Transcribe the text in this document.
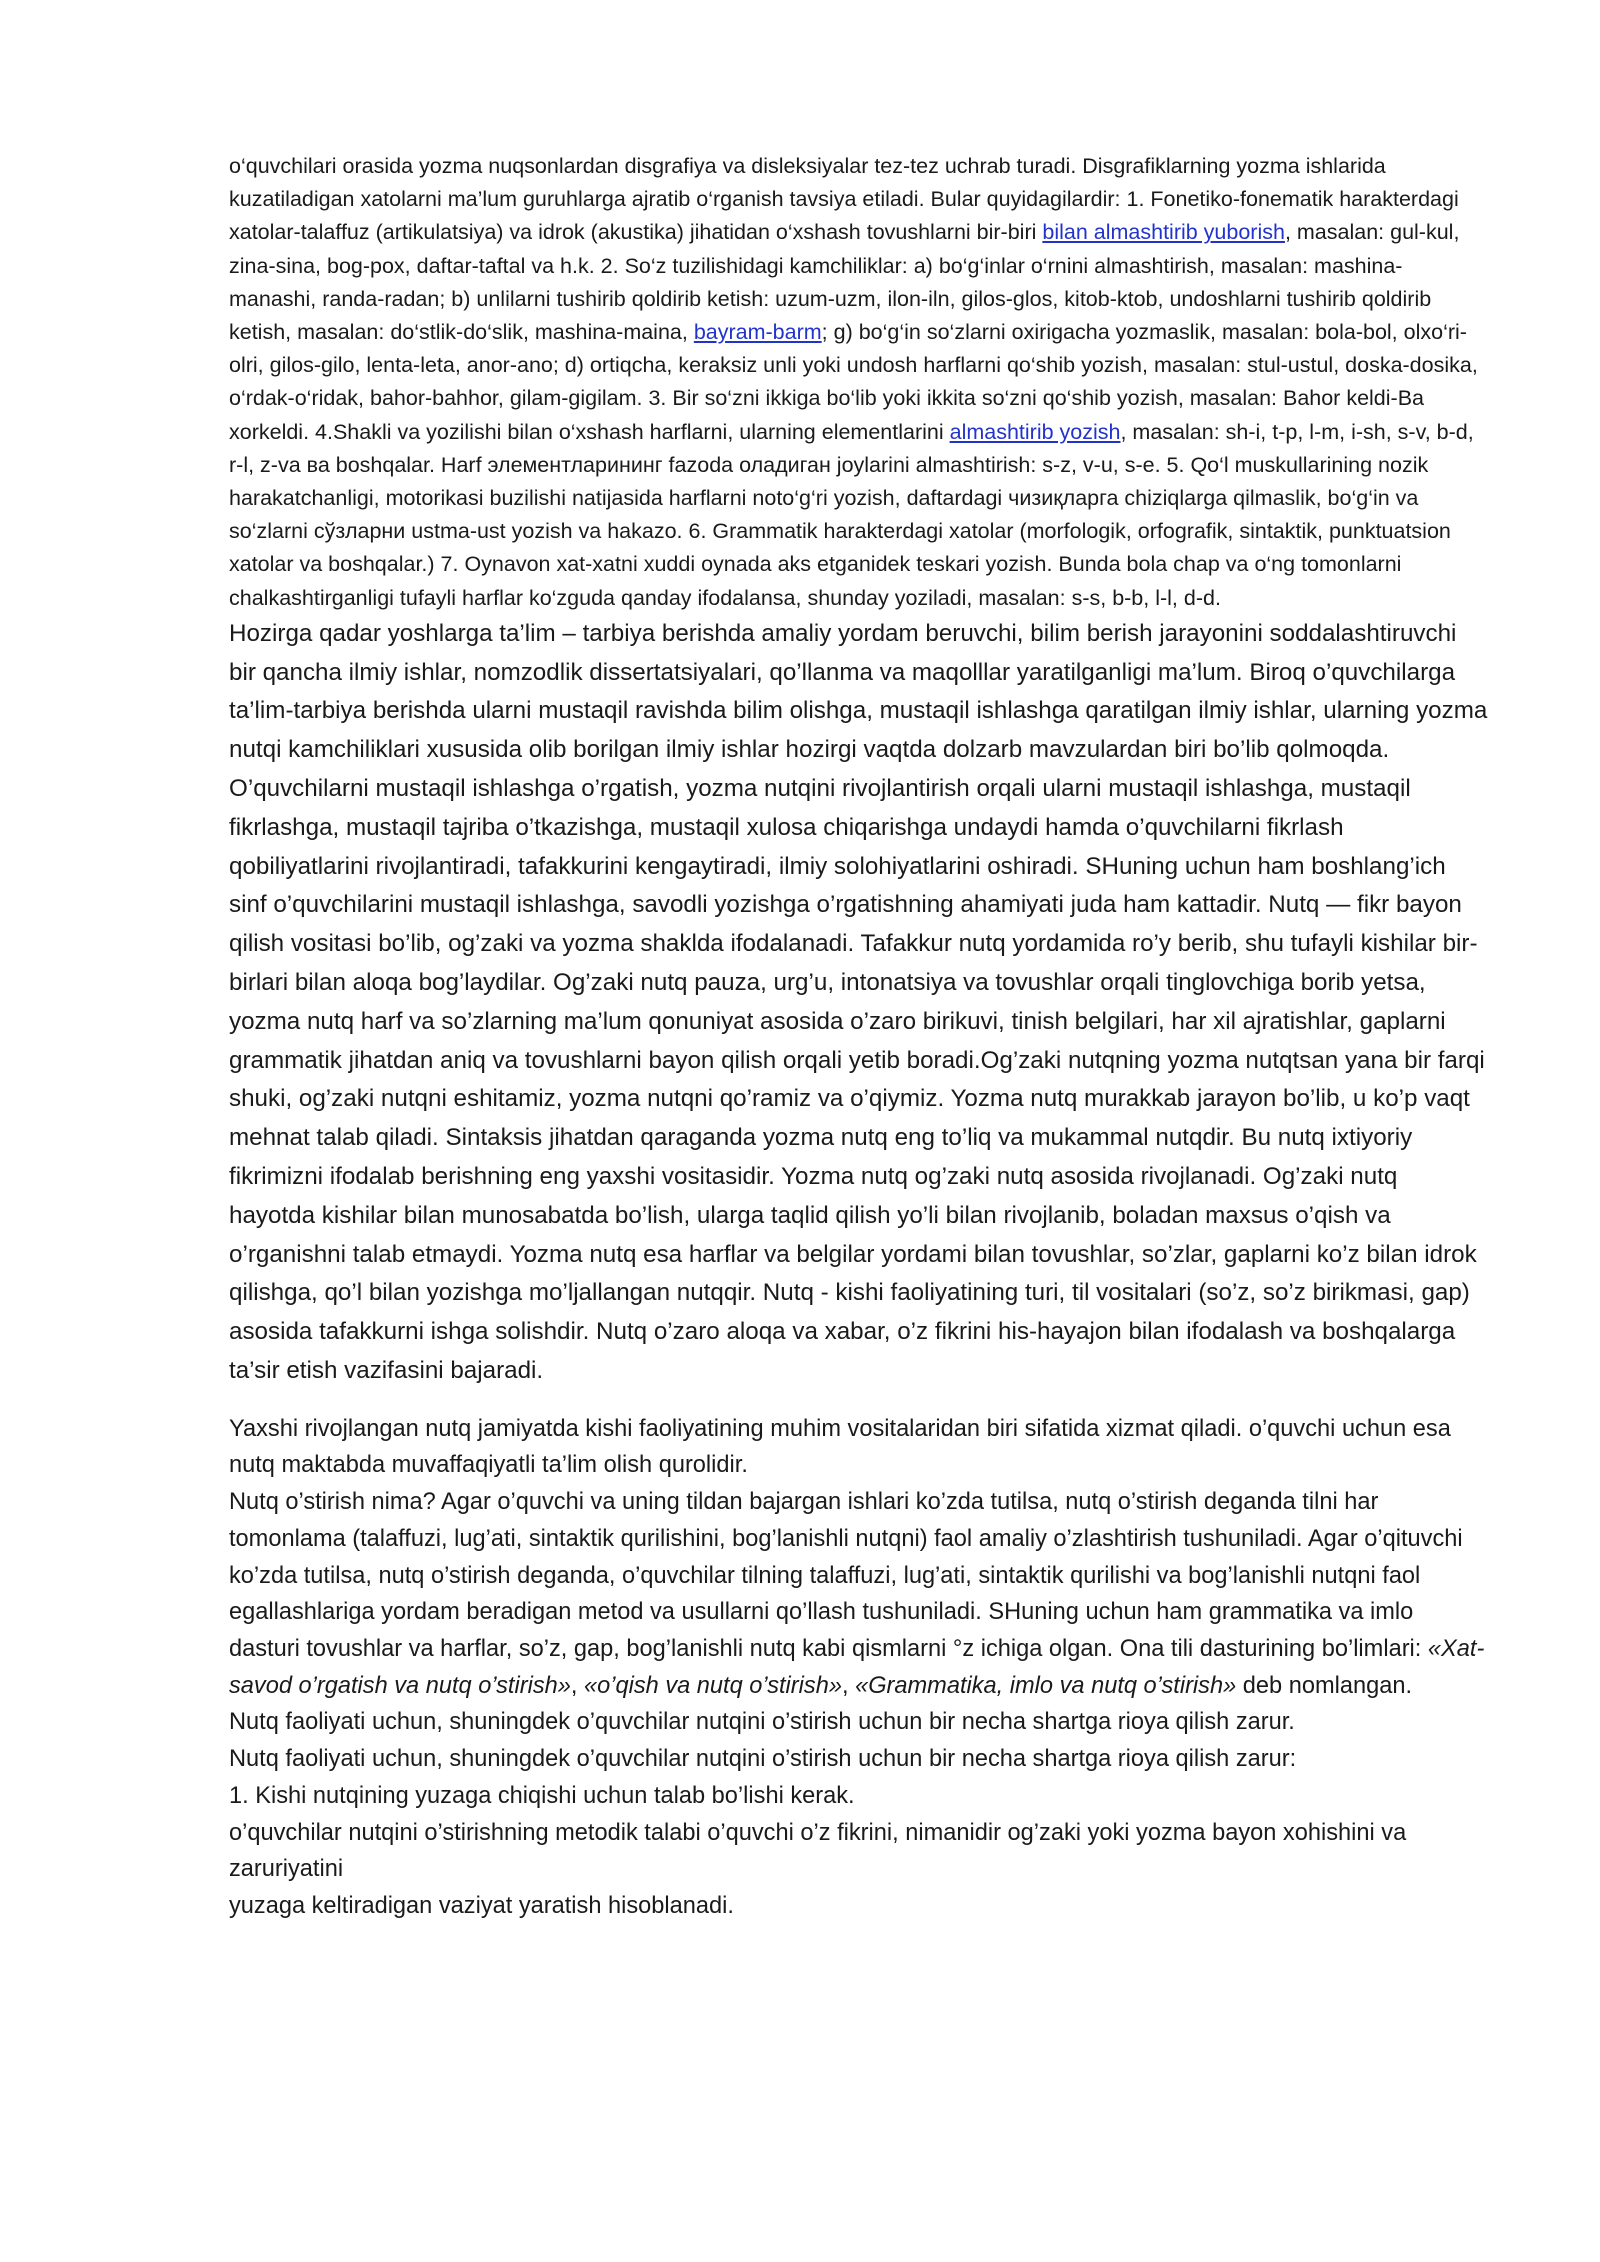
o‘quvchilari orasida yozma nuqsonlardan disgrafiya va disleksiyalar tez-tez uchrab turadi. Disgrafiklarning yozma ishlarida kuzatiladigan xatolarni ma’lum guruhlarga ajratib o‘rganish tavsiya etiladi. Bular quyidagilardir: 1. Fonetiko-fonematik harakterdagi xatolar-talaffuz (artikulatsiya) va idrok (akustika) jihatidan o‘xshash tovushlarni bir-biri bilan almashtirib yuborish, masalan: gul-kul, zina-sina, bog-pox, daftar-taftal va h.k. 2. So‘z tuzilishidagi kamchiliklar: a) bo‘g‘inlar o‘rnini almashtirish, masalan: mashina-manashi, randa-radan; b) unlilarni tushirib qoldirib ketish: uzum-uzm, ilon-iln, gilos-glos, kitob-ktob, undoshlarni tushirib qoldirib ketish, masalan: do‘stlik-do‘slik, mashina-maina, bayram-barm; g) bo‘g‘in so‘zlarni oxirigacha yozmaslik, masalan: bola-bol, olxo‘ri-olri, gilos-gilo, lenta-leta, anor-ano; d) ortiqcha, keraksiz unli yoki undosh harflarni qo‘shib yozish, masalan: stul-ustul, doska-dosika, o‘rdak-o‘ridak, bahor-bahhor, gilam-gigilam. 3. Bir so‘zni ikkiga bo‘lib yoki ikkita so‘zni qo‘shib yozish, masalan: Bahor keldi-Ba xorkeldi. 4.Shakli va yozilishi bilan o‘xshash harflarni, ularning elementlarini almashtirib yozish, masalan: sh-i, t-p, l-m, i-sh, s-v, b-d, r-l, z-va ва boshqalar. Harf элементларининг fazoda оладиган joylarini almashtirish: s-z, v-u, s-e. 5. Qo‘l muskullarining nozik harakatchanligi, motorikasi buzilishi natijasida harflarni noto‘g‘ri yozish, daftardagi чизиқларга chiziqlarga qilmaslik, bo‘g‘in va so‘zlarni сўзларни ustma-ust yozish va hakazo. 6. Grammatik harakterdagi xatolar (morfologik, orfografik, sintaktik, punktuatsion xatolar va boshqalar.) 7. Oynavon xat-xatni xuddi oynada aks etganidek teskari yozish. Bunda bola chap va o‘ng tomonlarni chalkashtirganligi tufayli harflar ko‘zguda qanday ifodalansa, shunday yoziladi, masalan: s-s, b-b, l-l, d-d.

Hozirga qadar yoshlarga ta’lim – tarbiya berishda amaliy yordam beruvchi, bilim berish jarayonini soddalashtiruvchi bir qancha ilmiy ishlar, nomzodlik dissertatsiyalari, qo’llanma va maqolllar yaratilganligi ma’lum. Biroq o’quvchilarga ta’lim-tarbiya berishda ularni mustaqil ravishda bilim olishga, mustaqil ishlashga qaratilgan ilmiy ishlar, ularning yozma nutqi kamchiliklari xususida olib borilgan ilmiy ishlar hozirgi vaqtda dolzarb mavzulardan biri bo’lib qolmoqda. O’quvchilarni mustaqil ishlashga o’rgatish, yozma nutqini rivojlantirish orqali ularni mustaqil ishlashga, mustaqil fikrlashga, mustaqil tajriba o’tkazishga, mustaqil xulosa chiqarishga undaydi hamda o’quvchilarni fikrlash qobiliyatlarini rivojlantiradi, tafakkurini kengaytiradi, ilmiy solohiyatlarini oshiradi. SHuning uchun ham boshlang’ich sinf o’quvchilarini mustaqil ishlashga, savodli yozishga o’rgatishning ahamiyati juda ham kattadir. Nutq — fikr bayon qilish vositasi bo’lib, og’zaki va yozma shaklda ifodalanadi. Tafakkur nutq yordamida ro’y berib, shu tufayli kishilar bir-birlari bilan aloqa bog’laydilar. Og’zaki nutq pauza, urg’u, intonatsiya va tovushlar orqali tinglovchiga borib yetsa, yozma nutq harf va so’zlarning ma’lum qonuniyat asosida o’zaro birikuvi, tinish belgilari, har xil ajratishlar, gaplarni grammatik jihatdan aniq va tovushlarni bayon qilish orqali yetib boradi.Og’zaki nutqning yozma nutqtsan yana bir farqi shuki, og’zaki nutqni eshitamiz, yozma nutqni qo’ramiz va o’qiymiz. Yozma nutq murakkab jarayon bo’lib, u ko’p vaqt mehnat talab qiladi. Sintaksis jihatdan qaraganda yozma nutq eng to’liq va mukammal nutqdir. Bu nutq ixtiyoriy fikrimizni ifodalab berishning eng yaxshi vositasidir. Yozma nutq og’zaki nutq asosida rivojlanadi. Og’zaki nutq hayotda kishilar bilan munosabatda bo’lish, ularga taqlid qilish yo’li bilan rivojlanib, boladan maxsus o’qish va o’rganishni talab etmaydi. Yozma nutq esa harflar va belgilar yordami bilan tovushlar, so’zlar, gaplarni ko’z bilan idrok qilishga, qo’l bilan yozishga mo’ljallangan nutqqir. Nutq - kishi faoliyatining turi, til vositalari (so’z, so’z birikmasi, gap) asosida tafakkurni ishga solishdir. Nutq o’zaro aloqa va xabar, o’z fikrini his-hayajon bilan ifodalash va boshqalarga ta’sir etish vazifasini bajaradi.

Yaxshi rivojlangan nutq jamiyatda kishi faoliyatining muhim vositalaridan biri sifatida xizmat qiladi. o’quvchi uchun esa nutq maktabda muvaffaqiyatli ta’lim olish qurolidir.

Nutq o’stirish nima? Agar o’quvchi va uning tildan bajargan ishlari ko’zda tutilsa, nutq o’stirish deganda tilni har tomonlama (talaffuzi, lug’ati, sintaktik qurilishini, bog’lanishli nutqni) faol amaliy o’zlashtirish tushuniladi. Agar o’qituvchi ko’zda tutilsa, nutq o’stirish deganda, o’quvchilar tilning talaffuzi, lug’ati, sintaktik qurilishi va bog’lanishli nutqni faol egallashlariga yordam beradigan metod va usullarni qo’llash tushuniladi. SHuning uchun ham grammatika va imlo dasturi tovushlar va harflar, so’z, gap, bog’lanishli nutq kabi qismlarni °z ichiga olgan. Ona tili dasturining bo’limlari: «Xat-savod o’rgatish va nutq o’stirish», «o’qish va nutq o’stirish», «Grammatika, imlo va nutq o’stirish» deb nomlangan.

Nutq faoliyati uchun, shuningdek o’quvchilar nutqini o’stirish uchun bir necha shartga rioya qilish zarur.

Nutq faoliyati uchun, shuningdek o’quvchilar nutqini o’stirish uchun bir necha shartga rioya qilish zarur:

1. Kishi nutqining yuzaga chiqishi uchun talab bo’lishi kerak.

o’quvchilar nutqini o’stirishning metodik talabi o’quvchi o’z fikrini, nimanidir og’zaki yoki yozma bayon xohishini va zaruriyatini

yuzaga keltiradigan vaziyat yaratish hisoblanadi.
